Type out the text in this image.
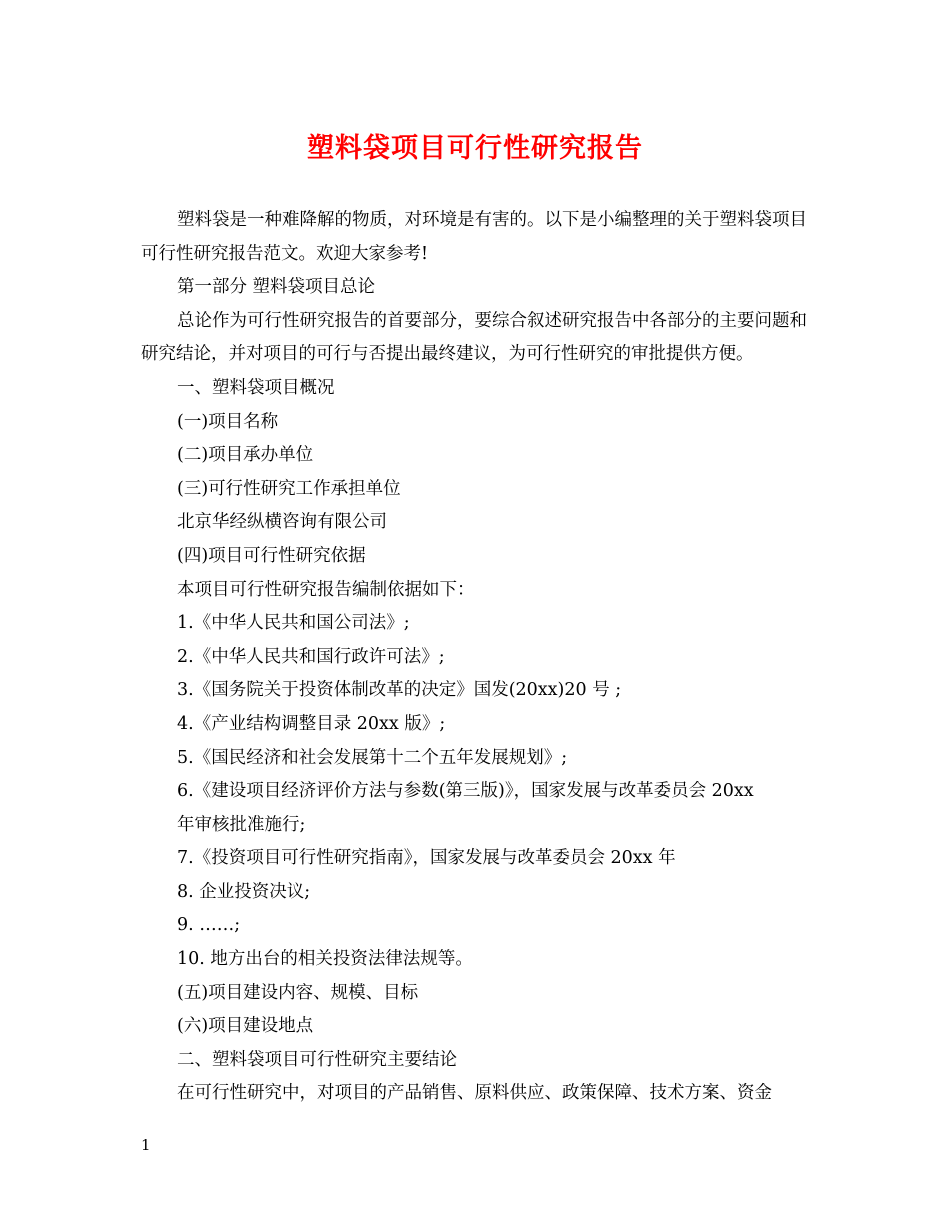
塑料袋项目可行性研究报告

塑料袋是一种难降解的物质，对环境是有害的。以下是小编整理的关于塑料袋项目可行性研究报告范文。欢迎大家参考!

第一部分 塑料袋项目总论

总论作为可行性研究报告的首要部分，要综合叙述研究报告中各部分的主要问题和研究结论，并对项目的可行与否提出最终建议，为可行性研究的审批提供方便。

一、塑料袋项目概况

(一)项目名称

(二)项目承办单位

(三)可行性研究工作承担单位

北京华经纵横咨询有限公司

(四)项目可行性研究依据

本项目可行性研究报告编制依据如下：

1.《中华人民共和国公司法》;

2.《中华人民共和国行政许可法》;

3.《国务院关于投资体制改革的决定》国发(20xx)20 号 ;

4.《产业结构调整目录 20xx 版》;

5.《国民经济和社会发展第十二个五年发展规划》;

6.《建设项目经济评价方法与参数(第三版)》，国家发展与改革委员会 20xx

年审核批准施行;

7.《投资项目可行性研究指南》，国家发展与改革委员会 20xx 年

8. 企业投资决议;

9. ……;

10. 地方出台的相关投资法律法规等。

(五)项目建设内容、规模、目标

(六)项目建设地点

二、塑料袋项目可行性研究主要结论

在可行性研究中，对项目的产品销售、原料供应、政策保障、技术方案、资金

1
